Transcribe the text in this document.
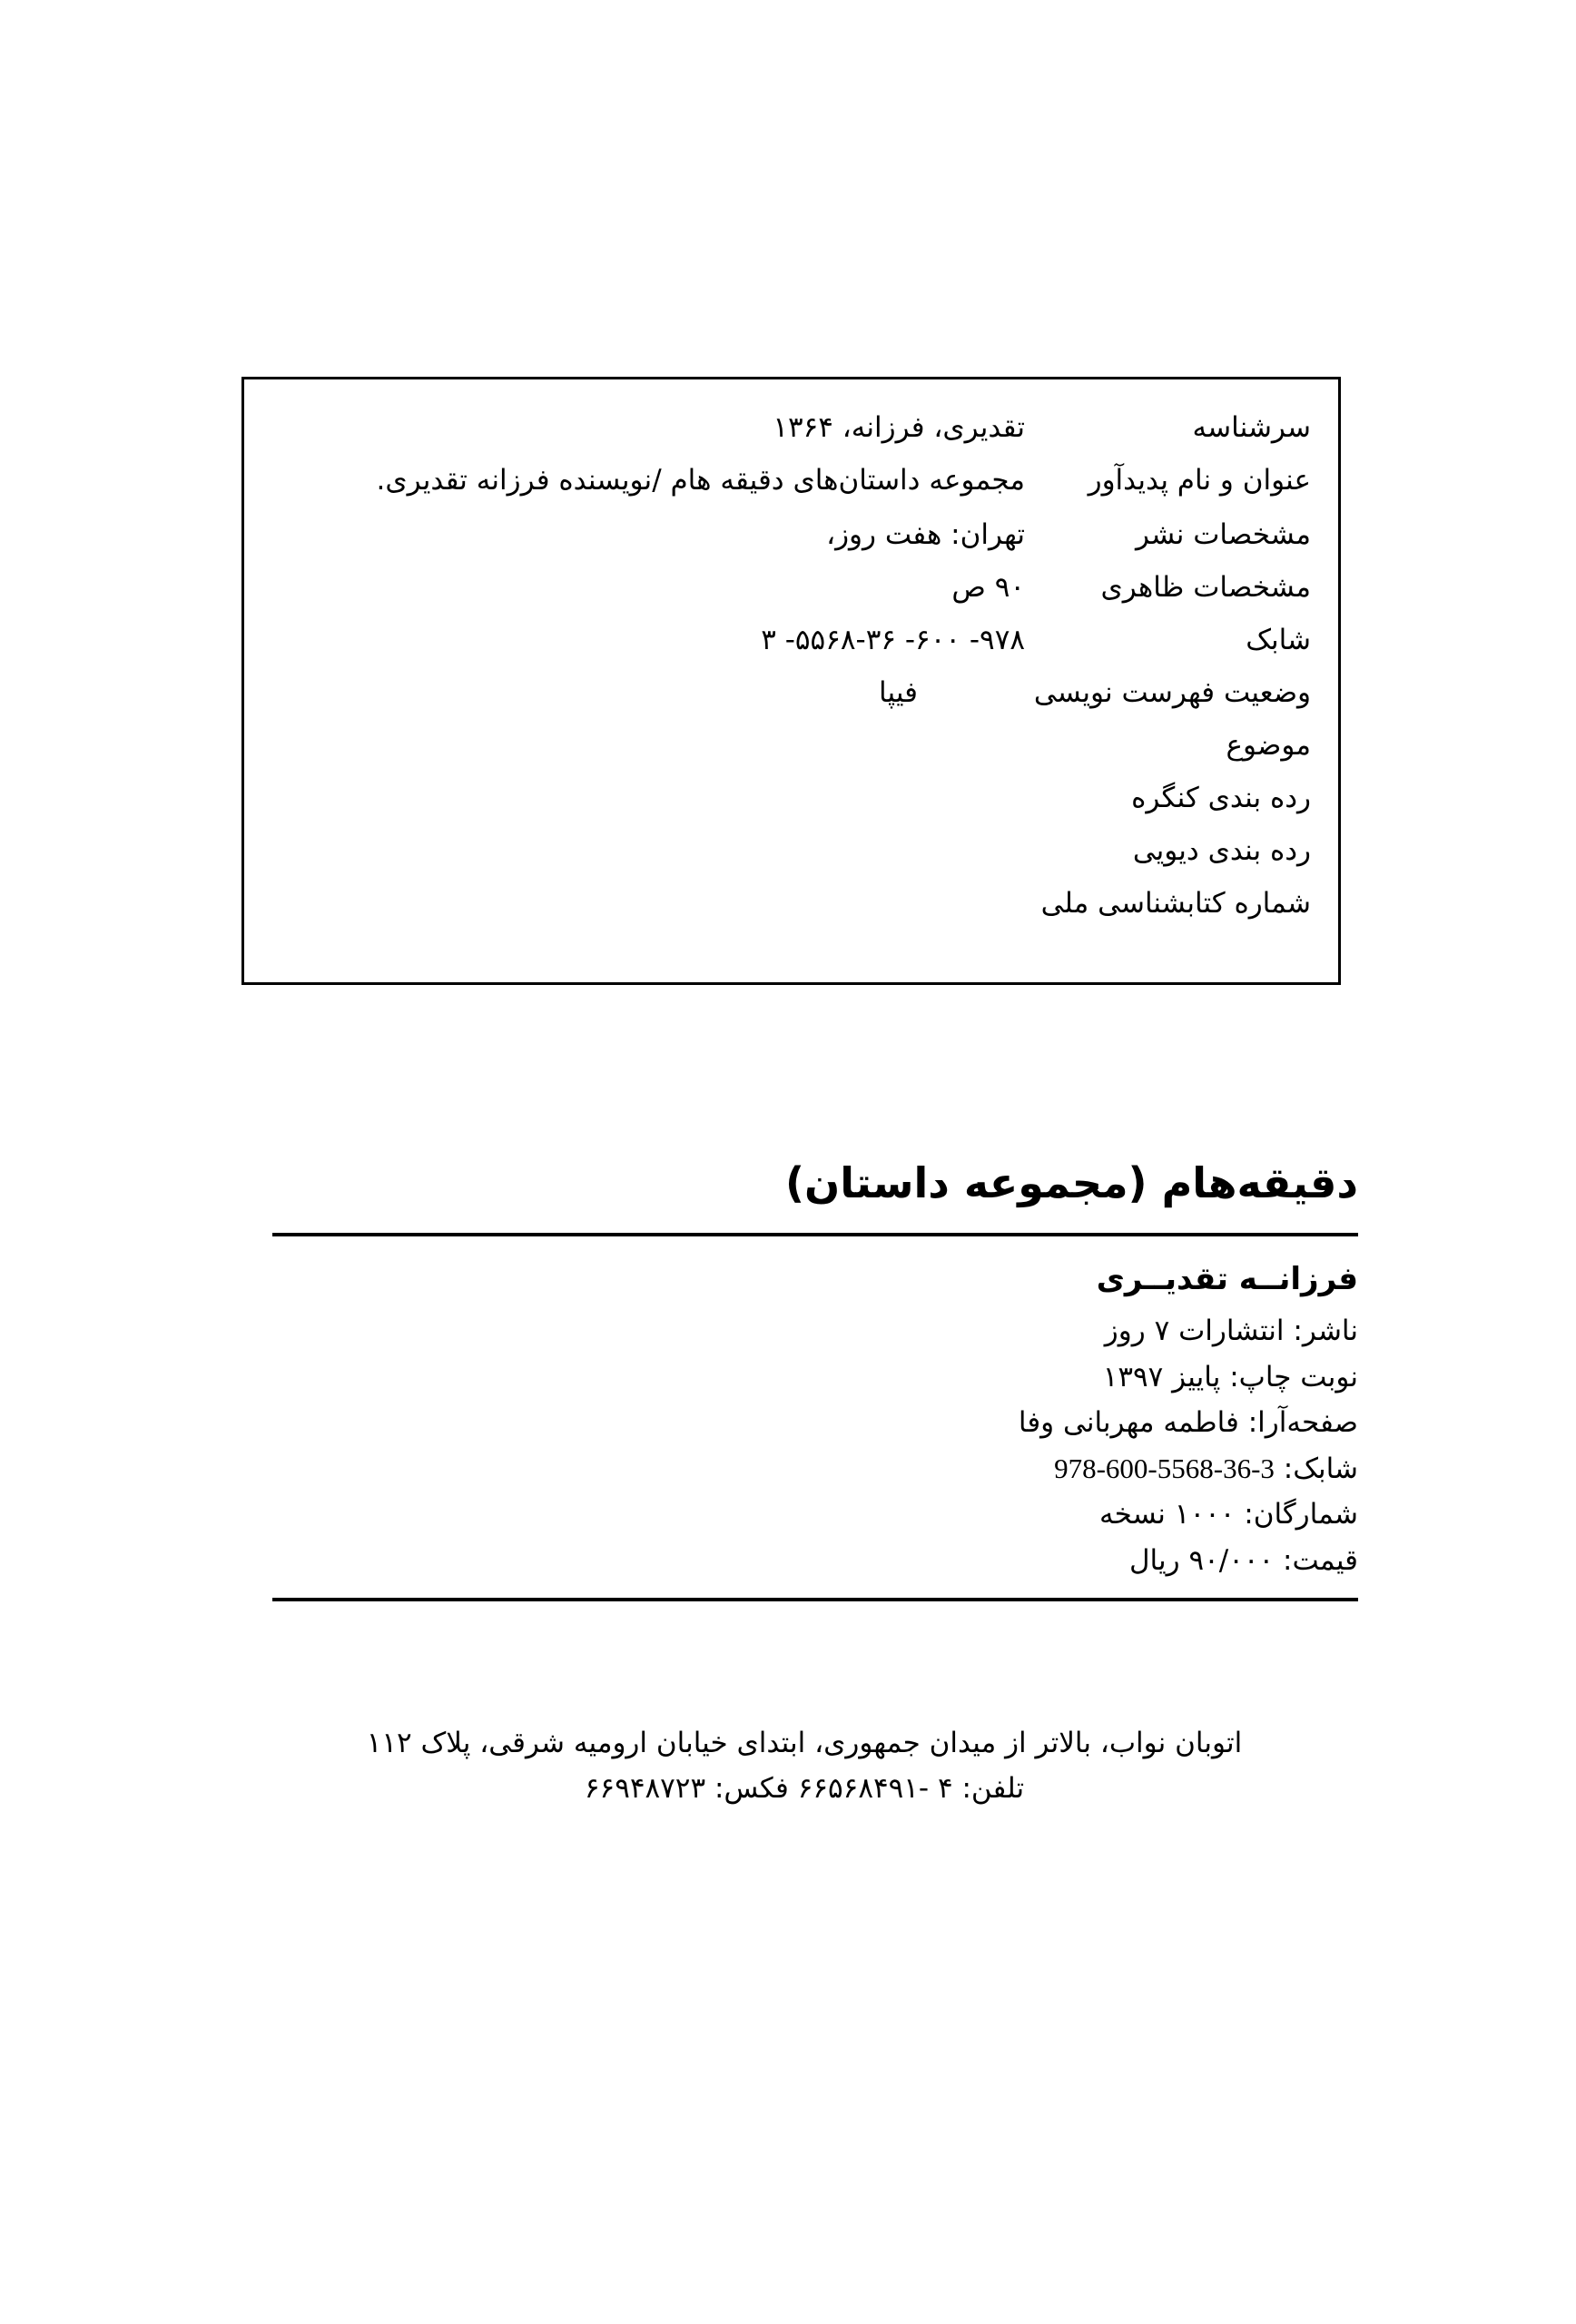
سرشناسه
تقدیری، فرزانه، ۱۳۶۴
عنوان و نام پدیدآور
مجموعه داستان‌های دقیقه هام /نویسنده فرزانه تقدیری.
مشخصات نشر
تهران: هفت روز،
مشخصات ظاهری
۹۰ ص
شابک
۹۷۸- ۶۰۰- ۵۵۶۸-۳۶- ۳
وضعیت فهرست نویسی
فیپا
موضوع
رده بندی کنگره
رده بندی دیویی
شماره کتابشناسی ملی
دقیقه‌هام (مجموعه داستان)
فرزانــه تقدیــری

ناشر: انتشارات ۷ روز

نوبت چاپ: پاییز ۱۳۹۷

صفحه‌آرا: فاطمه مهربانی وفا

شابک: 978-600-5568-36-3

شمارگان: ۱۰۰۰ نسخه

قیمت: ۹۰/۰۰۰ ریال

اتوبان نواب، بالاتر از میدان جمهوری، ابتدای خیابان ارومیه شرقی، پلاک ۱۱۲

تلفن: ۴ -۶۶۵۶۸۴۹۱ فکس: ۶۶۹۴۸۷۲۳
